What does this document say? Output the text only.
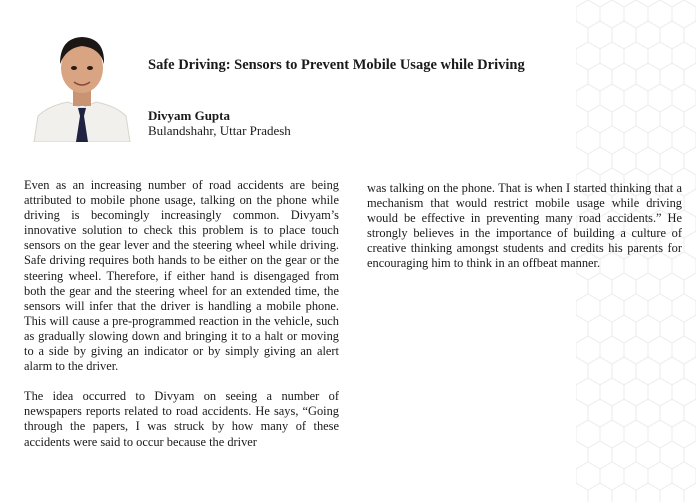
Safe Driving: Sensors to Prevent Mobile Usage while Driving
Divyam Gupta
Bulandshahr, Uttar Pradesh

Even as an increasing number of road accidents are being attributed to mobile phone usage, talking on the phone while driving is becomingly increasingly common. Divyam’s innovative solution to check this problem is to place touch sensors on the gear lever and the steering wheel while driving. Safe driving requires both hands to be either on the gear or the steering wheel. Therefore, if either hand is disengaged from both the gear and the steering wheel for an extended time, the sensors will infer that the driver is handling a mobile phone. This will cause a pre-programmed reaction in the vehicle, such as gradually slowing down and bringing it to a halt or moving to a side by giving an indicator or by simply giving an alert alarm to the driver.

The idea occurred to Divyam on seeing a number of newspapers reports related to road accidents. He says, “Going through the papers, I was struck by how many of these accidents were said to occur because the driver

was talking on the phone. That is when I started thinking that a mechanism that would restrict mobile usage while driving would be effective in preventing many road accidents.” He strongly believes in the importance of building a culture of creative thinking amongst students and credits his parents for encouraging him to think in an offbeat manner.
